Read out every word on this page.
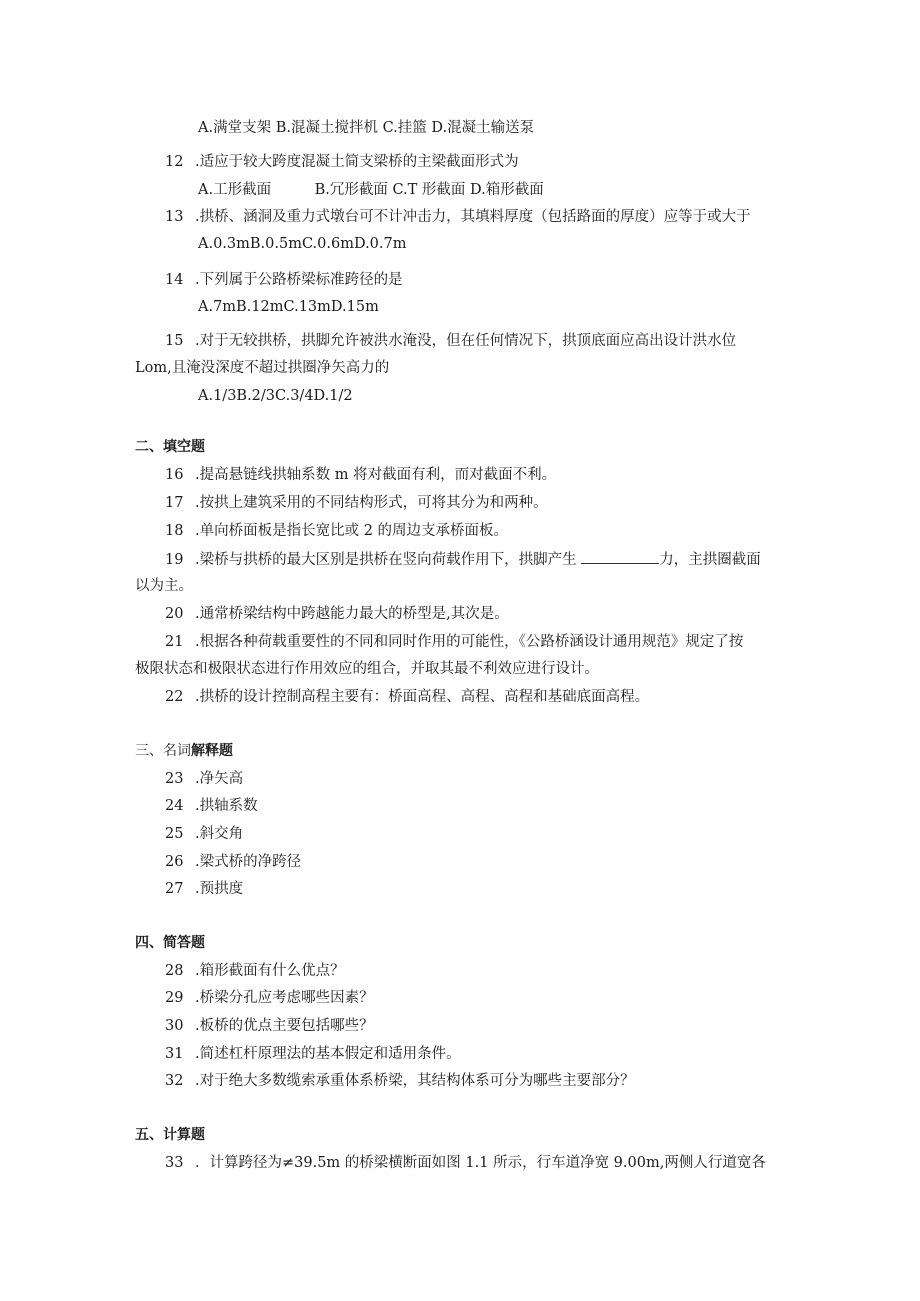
A.满堂支架 B.混凝土搅拌机 C.挂篮 D.混凝土输送泵
12 .适应于较大跨度混凝土简支梁桥的主梁截面形式为
A.工形截面　　　B.冗形截面 C.T 形截面 D.箱形截面
13 .拱桥、涵洞及重力式墩台可不计冲击力，其填料厚度（包括路面的厚度）应等于或大于
A.0.3mB.0.5mC.0.6mD.0.7m
14 .下列属于公路桥梁标准跨径的是
A.7mB.12mC.13mD.15m
15 .对于无较拱桥，拱脚允许被洪水淹没，但在任何情况下，拱顶底面应高出设计洪水位
Lom,且淹没深度不超过拱圈净矢高力的
A.1/3B.2/3C.3/4D.1/2
二、填空题
16 .提高悬链线拱轴系数 m 将对截面有利，而对截面不利。
17 .按拱上建筑采用的不同结构形式，可将其分为和两种。
18 .单向桥面板是指长宽比或 2 的周边支承桥面板。
19 .梁桥与拱桥的最大区别是拱桥在竖向荷载作用下，拱脚产生	力，主拱圈截面
以为主。
20 .通常桥梁结构中跨越能力最大的桥型是,其次是。
21 .根据各种荷载重要性的不同和同时作用的可能性，《公路桥涵设计通用规范》规定了按
极限状态和极限状态进行作用效应的组合，并取其最不利效应进行设计。
22 .拱桥的设计控制高程主要有：桥面高程、高程、高程和基础底面高程。
三、名词解释题
23 .净矢高
24 .拱轴系数
25 .斜交角
26 .梁式桥的净跨径
27 .预拱度
四、简答题
28 .箱形截面有什么优点？
29 .桥梁分孔应考虑哪些因素？
30 .板桥的优点主要包括哪些？
31 .简述杠杆原理法的基本假定和适用条件。
32 .对于绝大多数缆索承重体系桥梁，其结构体系可分为哪些主要部分？
五、计算题
33 ．计算跨径为≠39.5m 的桥梁横断面如图 1.1 所示，行车道净宽 9.00m,两侧人行道宽各
